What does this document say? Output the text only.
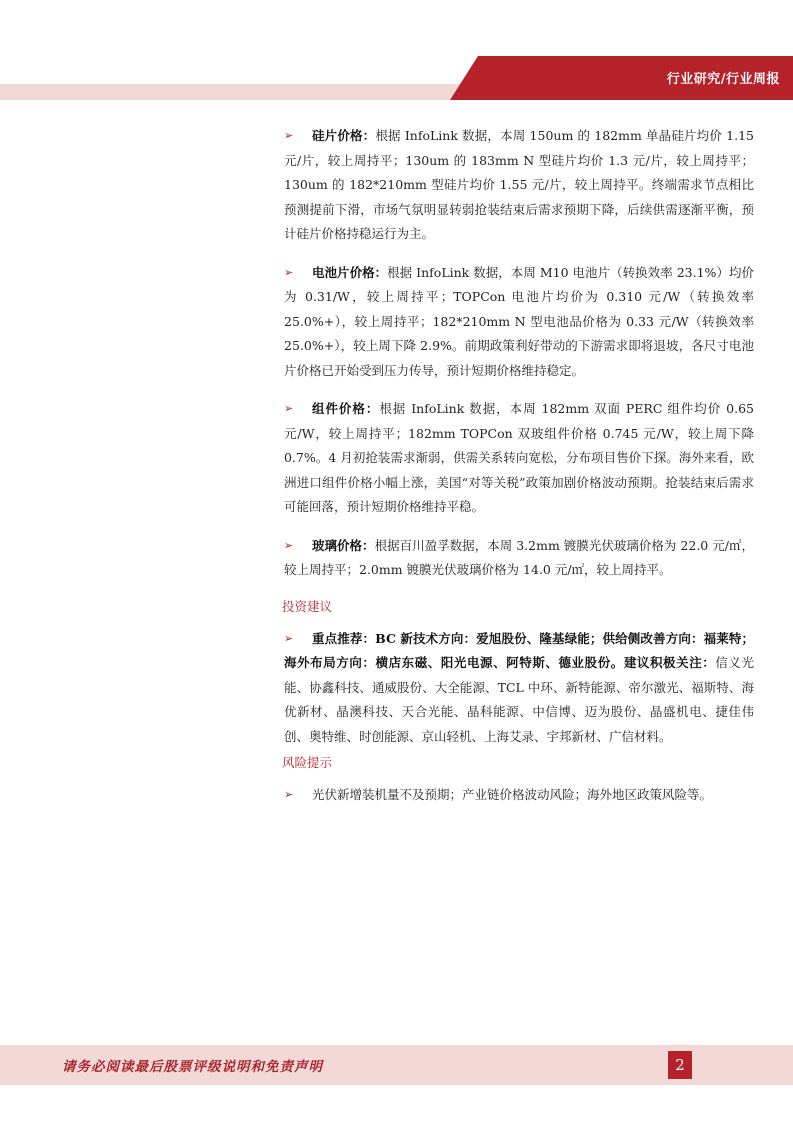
行业研究/行业周报

➢ 硅片价格：根据 InfoLink 数据，本周 150um 的 182mm 单晶硅片均价 1.15 元/片，较上周持平；130um 的 183mm N 型硅片均价 1.3 元/片，较上周持平；130um 的 182*210mm 型硅片均价 1.55 元/片，较上周持平。终端需求节点相比预测提前下滑，市场气氛明显转弱抢装结束后需求预期下降，后续供需逐渐平衡，预计硅片价格持稳运行为主。

➢ 电池片价格：根据 InfoLink 数据，本周 M10 电池片（转换效率 23.1%）均价为 0.31/W，较上周持平；TOPCon 电池片均价为 0.310 元/W（转换效率 25.0%+），较上周持平；182*210mm N 型电池品价格为 0.33 元/W（转换效率 25.0%+），较上周下降 2.9%。前期政策利好带动的下游需求即将退坡，各尺寸电池片价格已开始受到压力传导，预计短期价格维持稳定。

➢ 组件价格：根据 InfoLink 数据，本周 182mm 双面 PERC 组件均价 0.65 元/W，较上周持平；182mm TOPCon 双玻组件价格 0.745 元/W，较上周下降 0.7%。4 月初抢装需求渐弱，供需关系转向宽松，分布项目售价下探。海外来看，欧洲进口组件价格小幅上涨，美国“对等关税”政策加剧价格波动预期。抢装结束后需求可能回落，预计短期价格维持平稳。

➢ 玻璃价格：根据百川盈孚数据，本周 3.2mm 镀膜光伏玻璃价格为 22.0 元/㎡，较上周持平；2.0mm 镀膜光伏玻璃价格为 14.0 元/㎡，较上周持平。

投资建议

➢ 重点推荐：BC 新技术方向：爱旭股份、隆基绿能；供给侧改善方向：福莱特；海外布局方向：横店东磁、阳光电源、阿特斯、德业股份。建议积极关注：信义光能、协鑫科技、通威股份、大全能源、TCL 中环、新特能源、帝尔激光、福斯特、海优新材、晶澳科技、天合光能、晶科能源、中信博、迈为股份、晶盛机电、捷佳伟创、奥特维、时创能源、京山轻机、上海艾录、宇邦新材、广信材料。

风险提示

➢ 光伏新增装机量不及预期；产业链价格波动风险；海外地区政策风险等。

请务必阅读最后股票评级说明和免责声明	2
